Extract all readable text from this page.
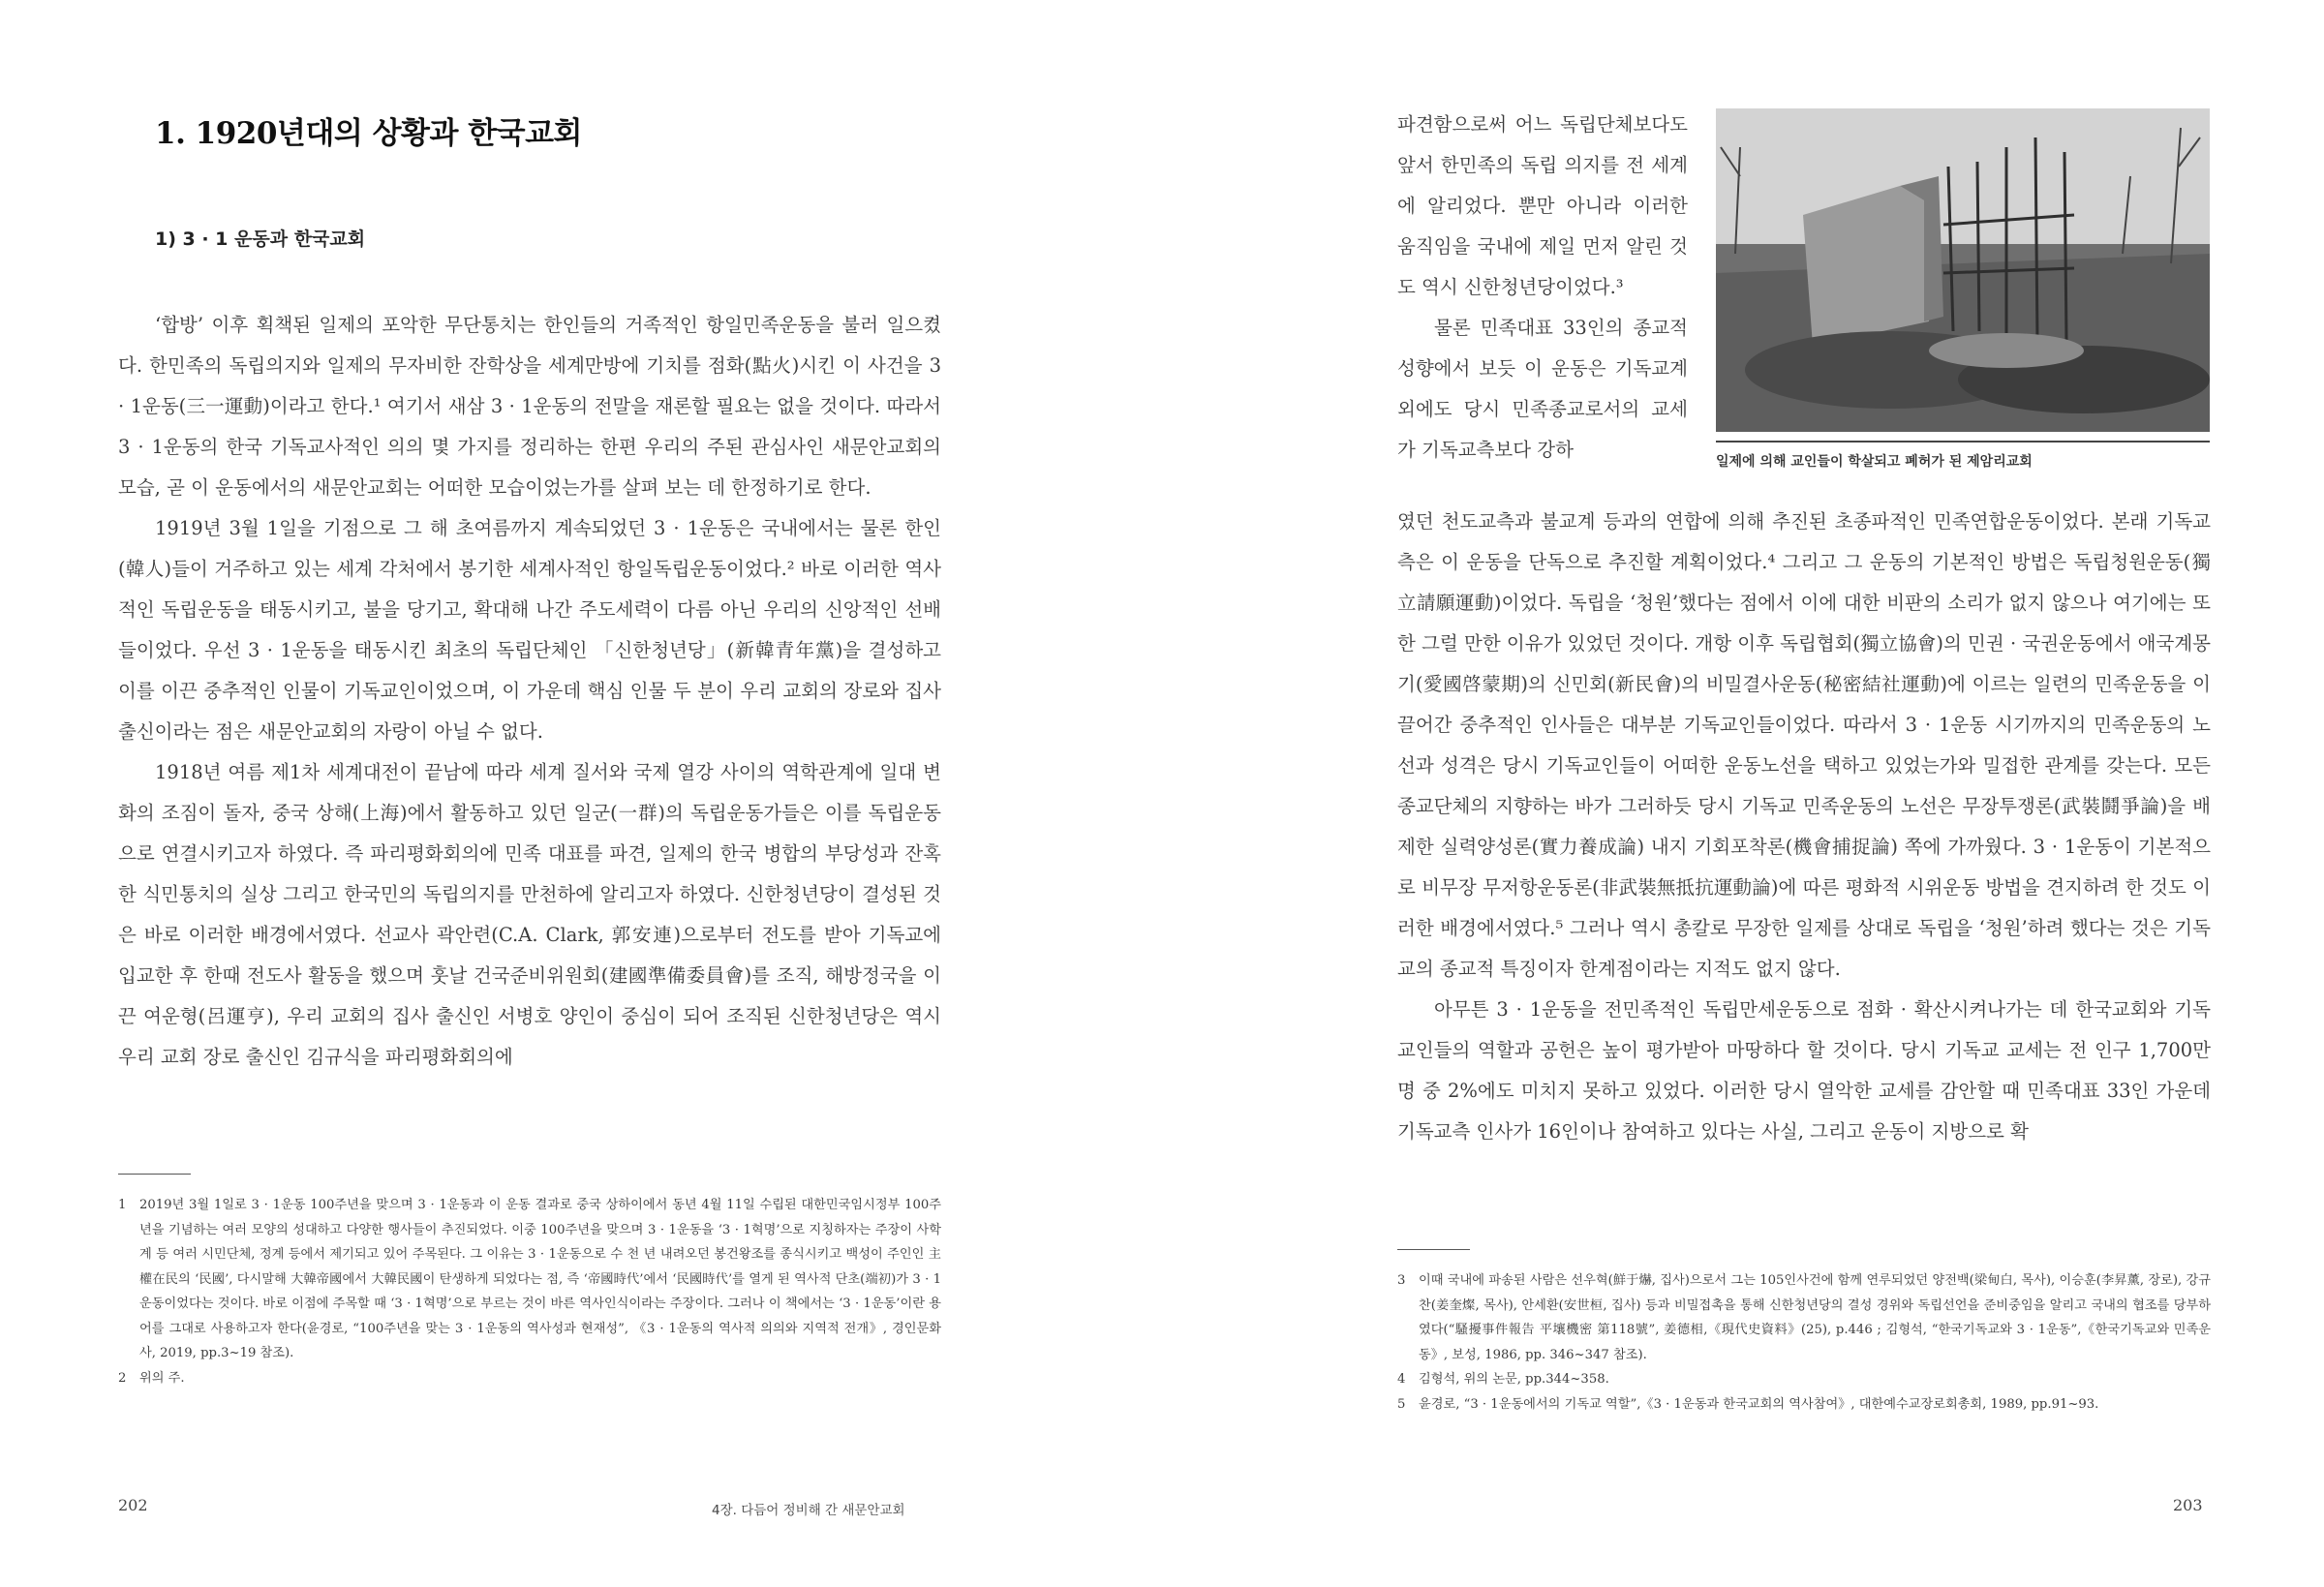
1. 1920년대의 상황과 한국교회
1) 3 · 1 운동과 한국교회

‘합방’ 이후 획책된 일제의 포악한 무단통치는 한인들의 거족적인 항일민족운동을 불러 일으켰다. 한민족의 독립의지와 일제의 무자비한 잔학상을 세계만방에 기치를 점화(點火)시킨 이 사건을 3 · 1운동(三一運動)이라고 한다.¹ 여기서 새삼 3 · 1운동의 전말을 재론할 필요는 없을 것이다. 따라서 3 · 1운동의 한국 기독교사적인 의의 몇 가지를 정리하는 한편 우리의 주된 관심사인 새문안교회의 모습, 곧 이 운동에서의 새문안교회는 어떠한 모습이었는가를 살펴 보는 데 한정하기로 한다.

1919년 3월 1일을 기점으로 그 해 초여름까지 계속되었던 3 · 1운동은 국내에서는 물론 한인(韓人)들이 거주하고 있는 세계 각처에서 봉기한 세계사적인 항일독립운동이었다.² 바로 이러한 역사적인 독립운동을 태동시키고, 불을 당기고, 확대해 나간 주도세력이 다름 아닌 우리의 신앙적인 선배들이었다. 우선 3 · 1운동을 태동시킨 최초의 독립단체인 「신한청년당」(新韓青年黨)을 결성하고 이를 이끈 중추적인 인물이 기독교인이었으며, 이 가운데 핵심 인물 두 분이 우리 교회의 장로와 집사 출신이라는 점은 새문안교회의 자랑이 아닐 수 없다.

1918년 여름 제1차 세계대전이 끝남에 따라 세계 질서와 국제 열강 사이의 역학관계에 일대 변화의 조짐이 돌자, 중국 상해(上海)에서 활동하고 있던 일군(一群)의 독립운동가들은 이를 독립운동으로 연결시키고자 하였다. 즉 파리평화회의에 민족 대표를 파견, 일제의 한국 병합의 부당성과 잔혹한 식민통치의 실상 그리고 한국민의 독립의지를 만천하에 알리고자 하였다. 신한청년당이 결성된 것은 바로 이러한 배경에서였다. 선교사 곽안련(C.A. Clark, 郭安連)으로부터 전도를 받아 기독교에 입교한 후 한때 전도사 활동을 했으며 훗날 건국준비위원회(建國準備委員會)를 조직, 해방정국을 이끈 여운형(呂運亨), 우리 교회의 집사 출신인 서병호 양인이 중심이 되어 조직된 신한청년당은 역시 우리 교회 장로 출신인 김규식을 파리평화회의에

1	2019년 3월 1일로 3 · 1운동 100주년을 맞으며 3 · 1운동과 이 운동 결과로 중국 상하이에서 동년 4월 11일 수립된 대한민국임시정부 100주년을 기념하는 여러 모양의 성대하고 다양한 행사들이 추진되었다. 이중 100주년을 맞으며 3 · 1운동을 ‘3 · 1혁명’으로 지칭하자는 주장이 사학계 등 여러 시민단체, 정계 등에서 제기되고 있어 주목된다. 그 이유는 3 · 1운동으로 수 천 년 내려오던 봉건왕조를 종식시키고 백성이 주인인 主權在民의 ‘民國’, 다시말해 大韓帝國에서 大韓民國이 탄생하게 되었다는 점, 즉 ‘帝國時代’에서 ‘民國時代’를 열게 된 역사적 단초(端初)가 3 · 1운동이었다는 것이다. 바로 이점에 주목할 때 ‘3 · 1혁명’으로 부르는 것이 바른 역사인식이라는 주장이다. 그러나 이 책에서는 ‘3 · 1운동’이란 용어를 그대로 사용하고자 한다(윤경로, “100주년을 맞는 3 · 1운동의 역사성과 현재성”, 《3 · 1운동의 역사적 의의와 지역적 전개》, 경인문화사, 2019, pp.3~19 참조).
2	위의 주.
202	4장. 다듬어 정비해 간 새문안교회

파견함으로써 어느 독립단체보다도 앞서 한민족의 독립 의지를 전 세계에 알리었다. 뿐만 아니라 이러한 움직임을 국내에 제일 먼저 알린 것도 역시 신한청년당이었다.³

물론 민족대표 33인의 종교적 성향에서 보듯 이 운동은 기독교계 외에도 당시 민족종교로서의 교세가 기독교측보다 강하

일제에 의해 교인들이 학살되고 폐허가 된 제암리교회

였던 천도교측과 불교계 등과의 연합에 의해 추진된 초종파적인 민족연합운동이었다. 본래 기독교측은 이 운동을 단독으로 추진할 계획이었다.⁴ 그리고 그 운동의 기본적인 방법은 독립청원운동(獨立請願運動)이었다. 독립을 ‘청원’했다는 점에서 이에 대한 비판의 소리가 없지 않으나 여기에는 또한 그럴 만한 이유가 있었던 것이다. 개항 이후 독립협회(獨立協會)의 민권 · 국권운동에서 애국계몽기(愛國啓蒙期)의 신민회(新民會)의 비밀결사운동(秘密結社運動)에 이르는 일련의 민족운동을 이끌어간 중추적인 인사들은 대부분 기독교인들이었다. 따라서 3 · 1운동 시기까지의 민족운동의 노선과 성격은 당시 기독교인들이 어떠한 운동노선을 택하고 있었는가와 밀접한 관계를 갖는다. 모든 종교단체의 지향하는 바가 그러하듯 당시 기독교 민족운동의 노선은 무장투쟁론(武裝鬪爭論)을 배제한 실력양성론(實力養成論) 내지 기회포착론(機會捕捉論) 쪽에 가까웠다. 3 · 1운동이 기본적으로 비무장 무저항운동론(非武裝無抵抗運動論)에 따른 평화적 시위운동 방법을 견지하려 한 것도 이러한 배경에서였다.⁵ 그러나 역시 총칼로 무장한 일제를 상대로 독립을 ‘청원’하려 했다는 것은 기독교의 종교적 특징이자 한계점이라는 지적도 없지 않다.

아무튼 3 · 1운동을 전민족적인 독립만세운동으로 점화 · 확산시켜나가는 데 한국교회와 기독교인들의 역할과 공헌은 높이 평가받아 마땅하다 할 것이다. 당시 기독교 교세는 전 인구 1,700만 명 중 2%에도 미치지 못하고 있었다. 이러한 당시 열악한 교세를 감안할 때 민족대표 33인 가운데 기독교측 인사가 16인이나 참여하고 있다는 사실, 그리고 운동이 지방으로 확

3	이때 국내에 파송된 사람은 선우혁(鮮于爀, 집사)으로서 그는 105인사건에 함께 연루되었던 양전백(梁甸白, 목사), 이승훈(李昇薰, 장로), 강규찬(姜奎燦, 목사), 안세환(安世桓, 집사) 등과 비밀접촉을 통해 신한청년당의 결성 경위와 독립선언을 준비중임을 알리고 국내의 협조를 당부하였다(“騷擾事件報告 平壤機密 第118號”, 姜德相,《現代史資料》(25), p.446 ; 김형석, “한국기독교와 3 · 1운동”,《한국기독교와 민족운동》, 보성, 1986, pp. 346~347 참조).
4	김형석, 위의 논문, pp.344~358.
5	윤경로, “3 · 1운동에서의 기독교 역할”,《3 · 1운동과 한국교회의 역사참여》, 대한예수교장로회총회, 1989, pp.91~93.
203
